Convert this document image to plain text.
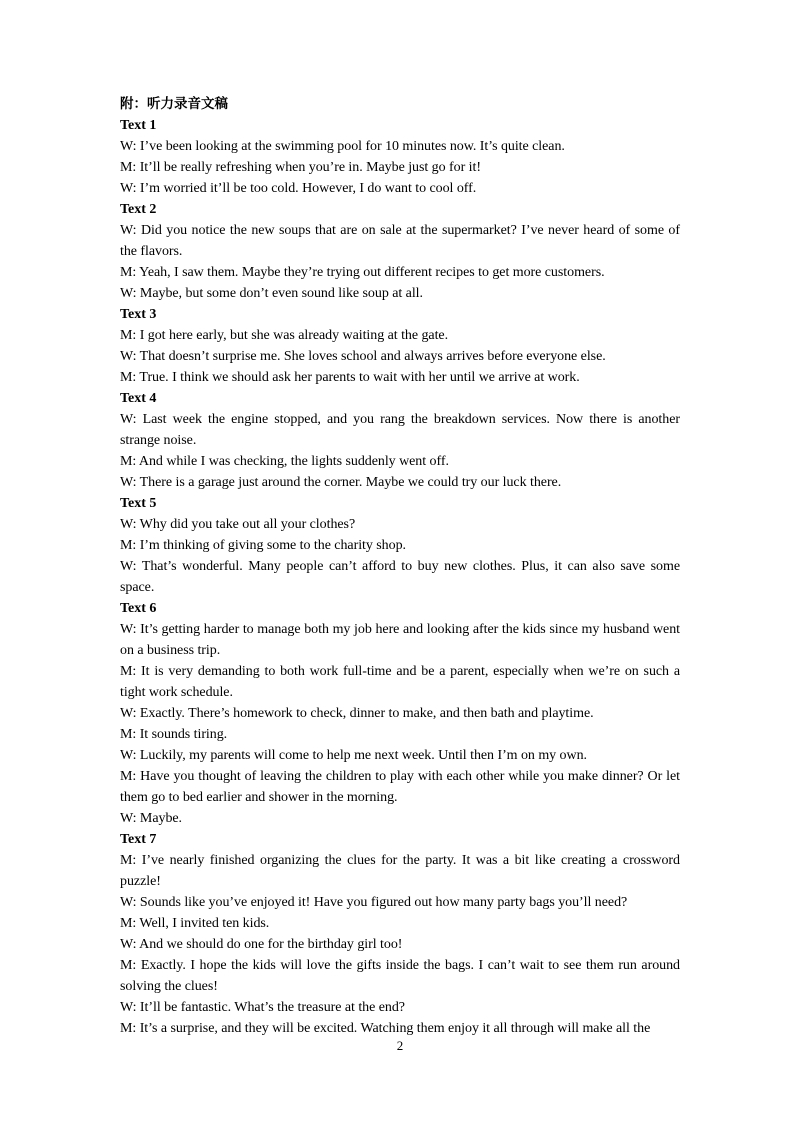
附：听力录音文稿

Text 1

W: I’ve been looking at the swimming pool for 10 minutes now. It’s quite clean.

M: It’ll be really refreshing when you’re in. Maybe just go for it!

W: I’m worried it’ll be too cold. However, I do want to cool off.

Text 2

W: Did you notice the new soups that are on sale at the supermarket? I’ve never heard of some of the flavors.

M: Yeah, I saw them. Maybe they’re trying out different recipes to get more customers.

W: Maybe, but some don’t even sound like soup at all.

Text 3

M: I got here early, but she was already waiting at the gate.

W: That doesn’t surprise me. She loves school and always arrives before everyone else.

M: True. I think we should ask her parents to wait with her until we arrive at work.

Text 4

W: Last week the engine stopped, and you rang the breakdown services. Now there is another strange noise.

M: And while I was checking, the lights suddenly went off.

W: There is a garage just around the corner. Maybe we could try our luck there.

Text 5

W: Why did you take out all your clothes?

M: I’m thinking of giving some to the charity shop.

W: That’s wonderful. Many people can’t afford to buy new clothes. Plus, it can also save some space.

Text 6

W: It’s getting harder to manage both my job here and looking after the kids since my husband went on a business trip.

M: It is very demanding to both work full-time and be a parent, especially when we’re on such a tight work schedule.

W: Exactly. There’s homework to check, dinner to make, and then bath and playtime.

M: It sounds tiring.

W: Luckily, my parents will come to help me next week. Until then I’m on my own.

M: Have you thought of leaving the children to play with each other while you make dinner? Or let them go to bed earlier and shower in the morning.

W: Maybe.

Text 7

M: I’ve nearly finished organizing the clues for the party. It was a bit like creating a crossword puzzle!

W: Sounds like you’ve enjoyed it! Have you figured out how many party bags you’ll need?

M: Well, I invited ten kids.

W: And we should do one for the birthday girl too!

M: Exactly. I hope the kids will love the gifts inside the bags. I can’t wait to see them run around solving the clues!

W: It’ll be fantastic. What’s the treasure at the end?

M: It’s a surprise, and they will be excited. Watching them enjoy it all through will make all the

2
